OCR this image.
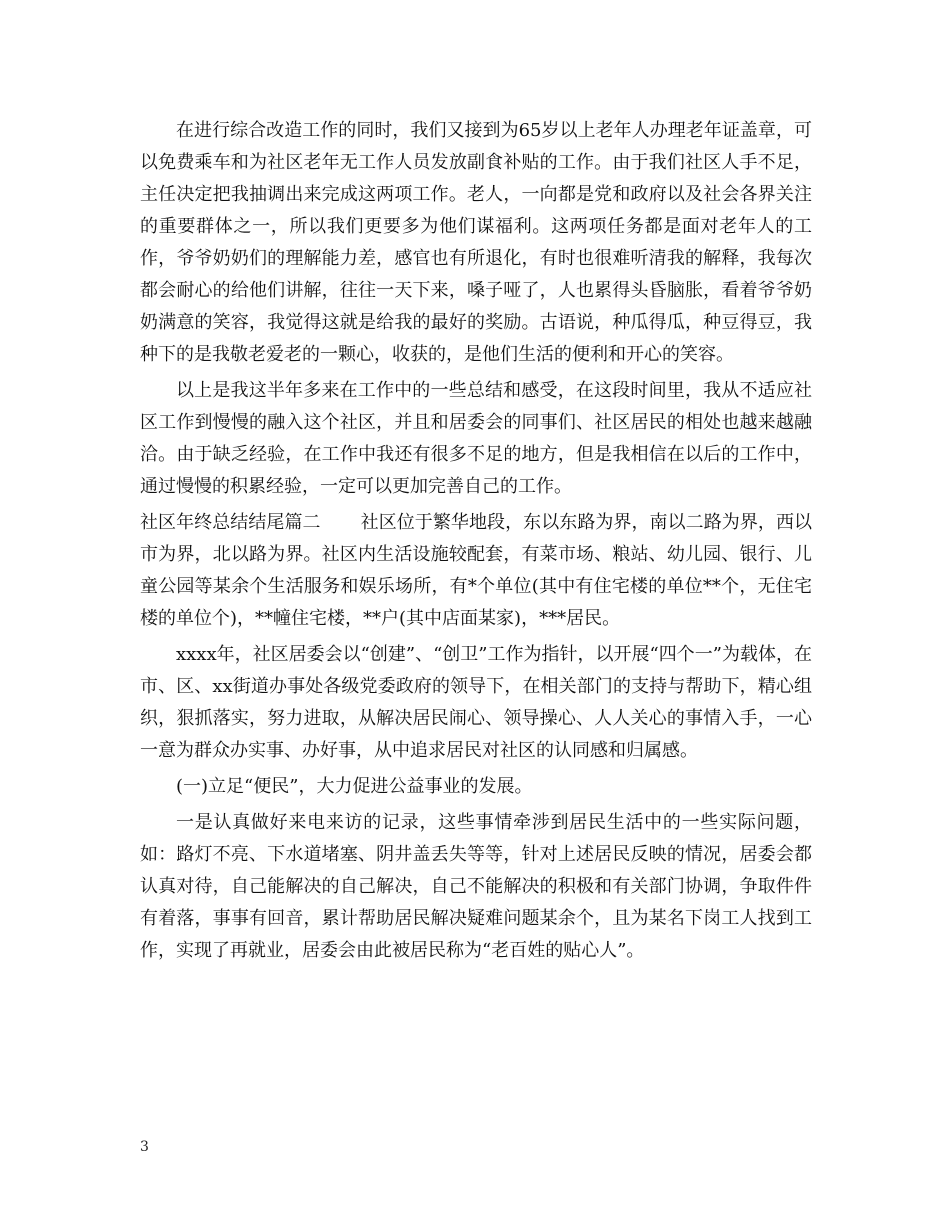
在进行综合改造工作的同时，我们又接到为65岁以上老年人办理老年证盖章，可以免费乘车和为社区老年无工作人员发放副食补贴的工作。由于我们社区人手不足，主任决定把我抽调出来完成这两项工作。老人，一向都是党和政府以及社会各界关注的重要群体之一，所以我们更要多为他们谋福利。这两项任务都是面对老年人的工作，爷爷奶奶们的理解能力差，感官也有所退化，有时也很难听清我的解释，我每次都会耐心的给他们讲解，往往一天下来，嗓子哑了，人也累得头昏脑胀，看着爷爷奶奶满意的笑容，我觉得这就是给我的最好的奖励。古语说，种瓜得瓜，种豆得豆，我种下的是我敬老爱老的一颗心，收获的，是他们生活的便利和开心的笑容。

以上是我这半年多来在工作中的一些总结和感受，在这段时间里，我从不适应社区工作到慢慢的融入这个社区，并且和居委会的同事们、社区居民的相处也越来越融洽。由于缺乏经验，在工作中我还有很多不足的地方，但是我相信在以后的工作中，通过慢慢的积累经验，一定可以更加完善自己的工作。

社区年终总结结尾篇二 社区位于繁华地段，东以东路为界，南以二路为界，西以市为界，北以路为界。社区内生活设施较配套，有菜市场、粮站、幼儿园、银行、儿童公园等某余个生活服务和娱乐场所，有*个单位(其中有住宅楼的单位**个，无住宅楼的单位个)，**幢住宅楼，**户(其中店面某家)，***居民。

xxxx年，社区居委会以“创建”、“创卫”工作为指针，以开展“四个一”为载体，在市、区、xx街道办事处各级党委政府的领导下，在相关部门的支持与帮助下，精心组织，狠抓落实，努力进取，从解决居民闹心、领导操心、人人关心的事情入手，一心一意为群众办实事、办好事，从中追求居民对社区的认同感和归属感。

(一)立足“便民”，大力促进公益事业的发展。

一是认真做好来电来访的记录，这些事情牵涉到居民生活中的一些实际问题，如：路灯不亮、下水道堵塞、阴井盖丢失等等，针对上述居民反映的情况，居委会都认真对待，自己能解决的自己解决，自己不能解决的积极和有关部门协调，争取件件有着落，事事有回音，累计帮助居民解决疑难问题某余个，且为某名下岗工人找到工作，实现了再就业，居委会由此被居民称为“老百姓的贴心人”。

3
